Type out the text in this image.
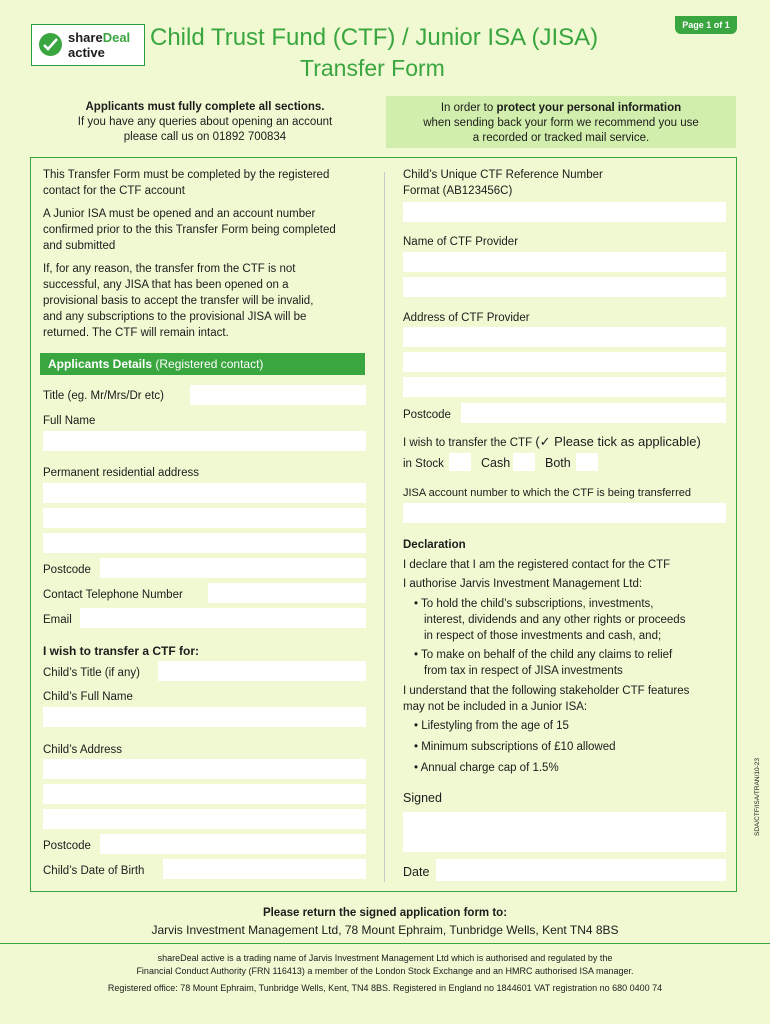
shareDeal
active
Child Trust Fund (CTF) / Junior ISA (JISA)
Transfer Form
Page 1 of 1
Applicants must fully complete all sections.
If you have any queries about opening an account
please call us on 01892 700834
In order to protect your personal information
when sending back your form we recommend you use
a recorded or tracked mail service.
This Transfer Form must be completed by the registered
contact for the CTF account
A Junior ISA must be opened and an account number
confirmed prior to the this Transfer Form being completed
and submitted
If, for any reason, the transfer from the CTF is not
successful, any JISA that has been opened on a
provisional basis to accept the transfer will be invalid,
and any subscriptions to the provisional JISA will be
returned. The CTF will remain intact.
Applicants Details (Registered contact)
Title (eg. Mr/Mrs/Dr etc)
Full Name
Permanent residential address
Postcode
Contact Telephone Number
Email
I wish to transfer a CTF for:
Child’s Title (if any)
Child’s Full Name
Child’s Address
Postcode
Child’s Date of Birth
Child’s Unique CTF Reference Number
Format (AB123456C)
Name of CTF Provider
Address of CTF Provider
Postcode
I wish to transfer the CTF (✓ Please tick as applicable)
in Stock	Cash	Both
JISA account number to which the CTF is being transferred
Declaration
I declare that I am the registered contact for the CTF
I authorise Jarvis Investment Management Ltd:
• To hold the child’s subscriptions, investments,
interest, dividends and any other rights or proceeds
in respect of those investments and cash, and;
• To make on behalf of the child any claims to relief
from tax in respect of JISA investments
I understand that the following stakeholder CTF features
may not be included in a Junior ISA:
• Lifestyling from the age of 15
• Minimum subscriptions of £10 allowed
• Annual charge cap of 1.5%
Signed
Date
SDA/CTF/ISA/TRAN/10-23
Please return the signed application form to:
Jarvis Investment Management Ltd, 78 Mount Ephraim, Tunbridge Wells, Kent TN4 8BS
shareDeal active is a trading name of Jarvis Investment Management Ltd which is authorised and regulated by the
Financial Conduct Authority (FRN 116413) a member of the London Stock Exchange and an HMRC authorised ISA manager.
Registered office: 78 Mount Ephraim, Tunbridge Wells, Kent, TN4 8BS. Registered in England no 1844601 VAT registration no 680 0400 74
